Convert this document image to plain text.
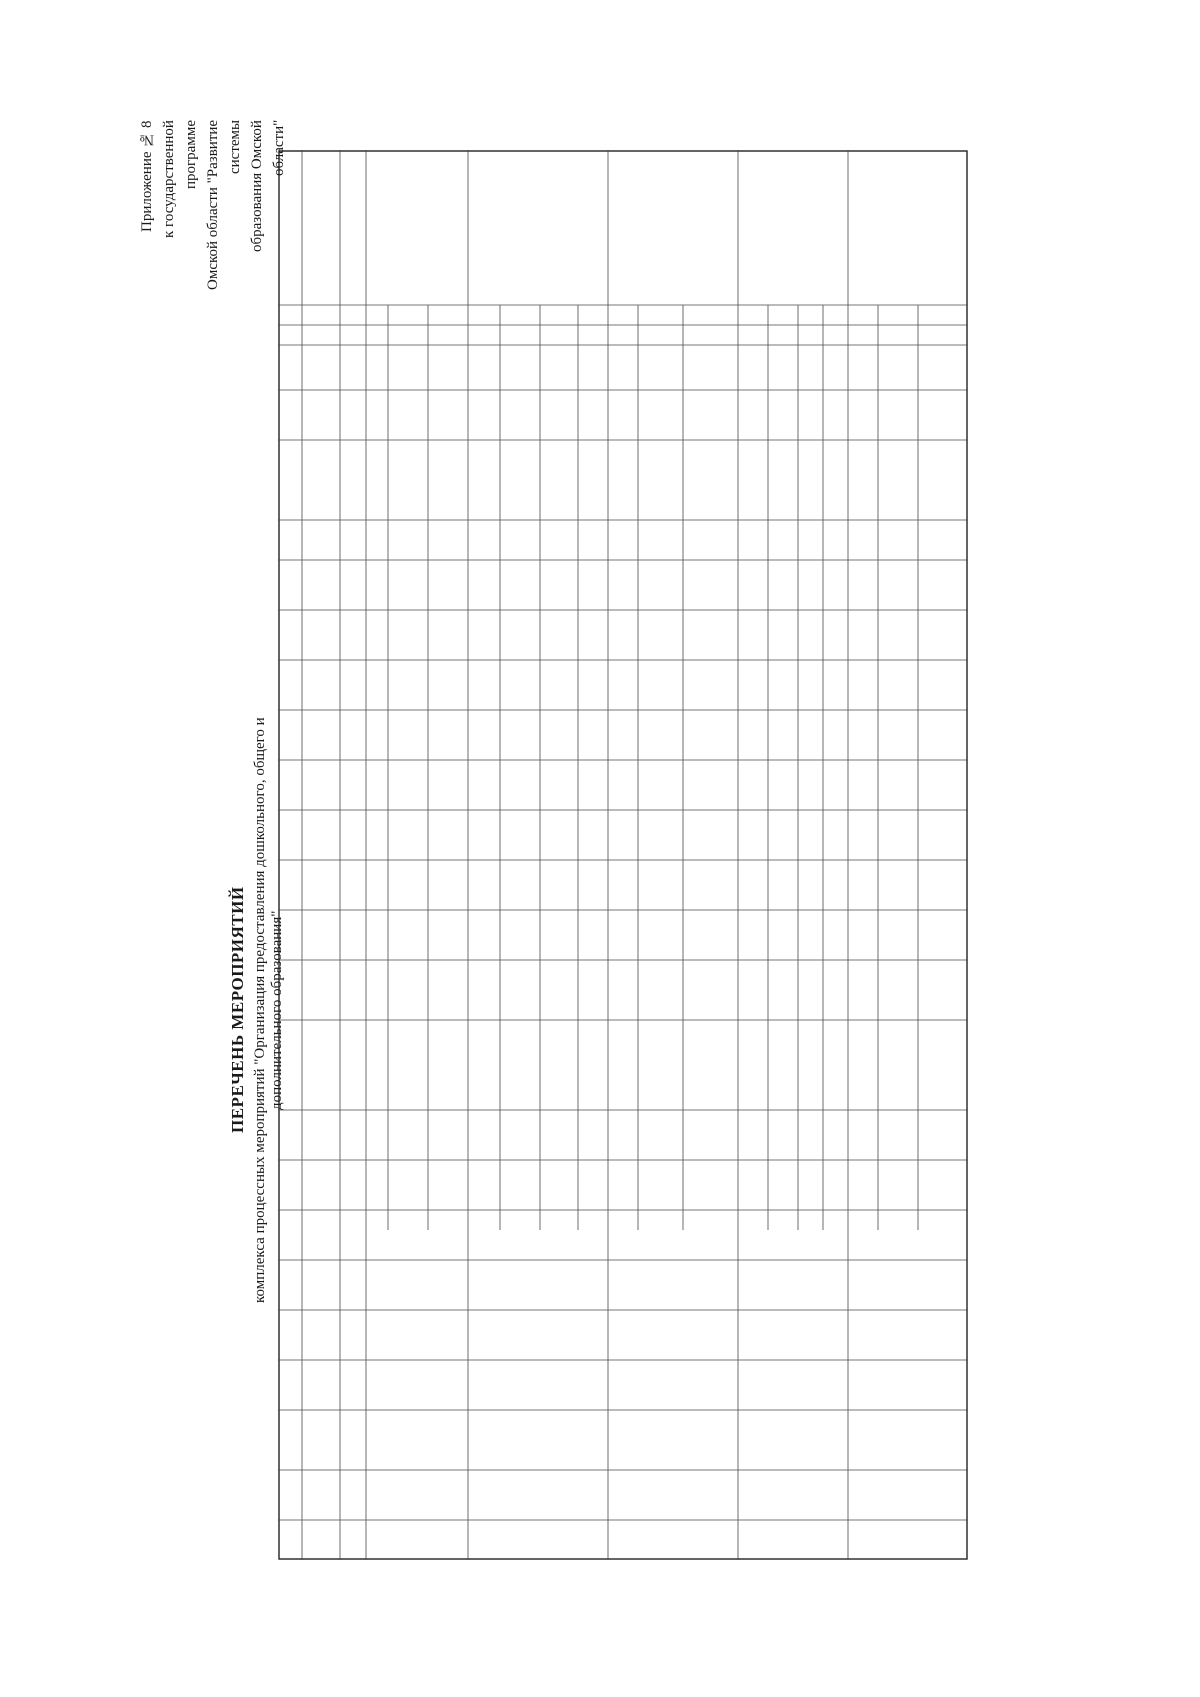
Приложение № 8 к государственной программе Омской области "Развитие системы образования Омской области"
ПЕРЕЧЕНЬ МЕРОПРИЯТИЙ комплекса процессных мероприятий "Организация предоставления дошкольного, общего и дополнительного образования"
